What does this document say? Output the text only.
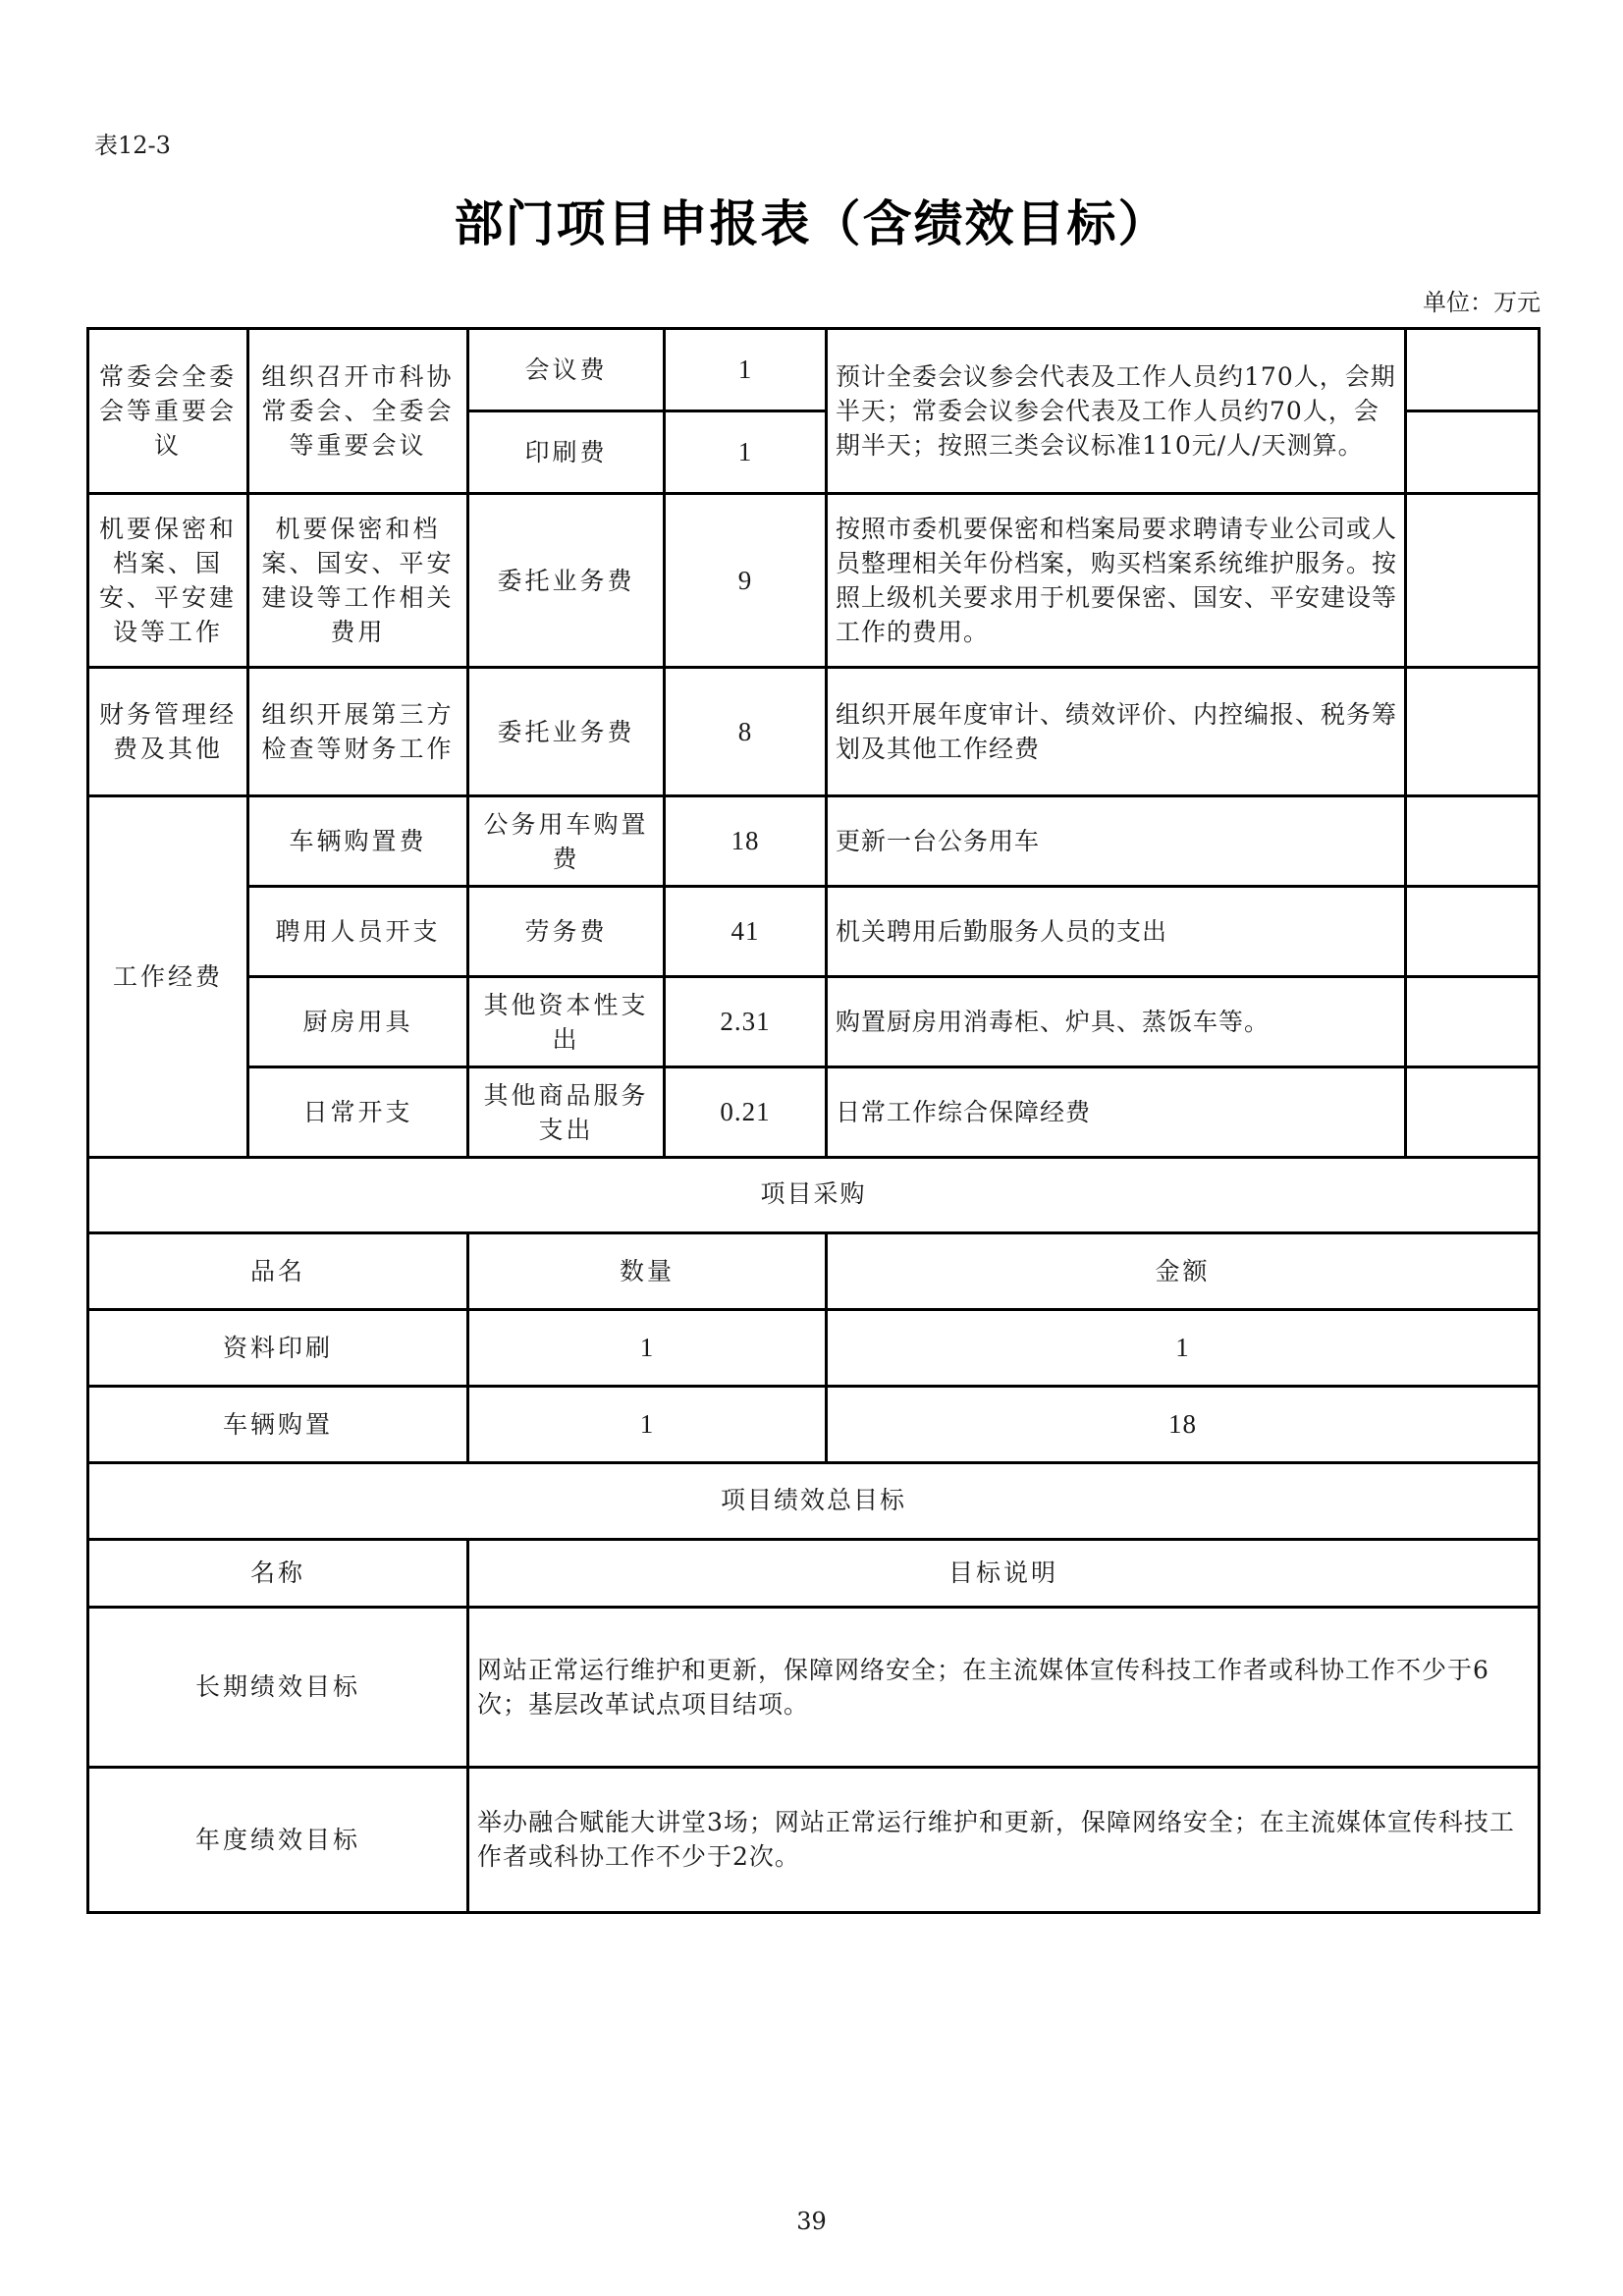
表12-3
部门项目申报表（含绩效目标）
单位：万元
常委会全委会等重要会议	组织召开市科协常委会、全委会等重要会议	会议费	1	预计全委会议参会代表及工作人员约170人，会期半天；常委会议参会代表及工作人员约70人，会期半天；按照三类会议标准110元/人/天测算。	
		印刷费	1		
机要保密和档案、国安、平安建设等工作	机要保密和档案、国安、平安建设等工作相关费用	委托业务费	9	按照市委机要保密和档案局要求聘请专业公司或人员整理相关年份档案，购买档案系统维护服务。按照上级机关要求用于机要保密、国安、平安建设等工作的费用。	
财务管理经费及其他	组织开展第三方检查等财务工作	委托业务费	8	组织开展年度审计、绩效评价、内控编报、税务筹划及其他工作经费	
工作经费	车辆购置费	公务用车购置费	18	更新一台公务用车	
	聘用人员开支	劳务费	41	机关聘用后勤服务人员的支出	
	厨房用具	其他资本性支出	2.31	购置厨房用消毒柜、炉具、蒸饭车等。	
	日常开支	其他商品服务支出	0.21	日常工作综合保障经费	
项目采购		
品名	数量	金额
资料印刷	1	1
车辆购置	1	18
项目绩效总目标	
名称	目标说明
长期绩效目标	网站正常运行维护和更新，保障网络安全；在主流媒体宣传科技工作者或科协工作不少于6次；基层改革试点项目结项。
年度绩效目标	举办融合赋能大讲堂3场；网站正常运行维护和更新，保障网络安全；在主流媒体宣传科技工作者或科协工作不少于2次。
39
